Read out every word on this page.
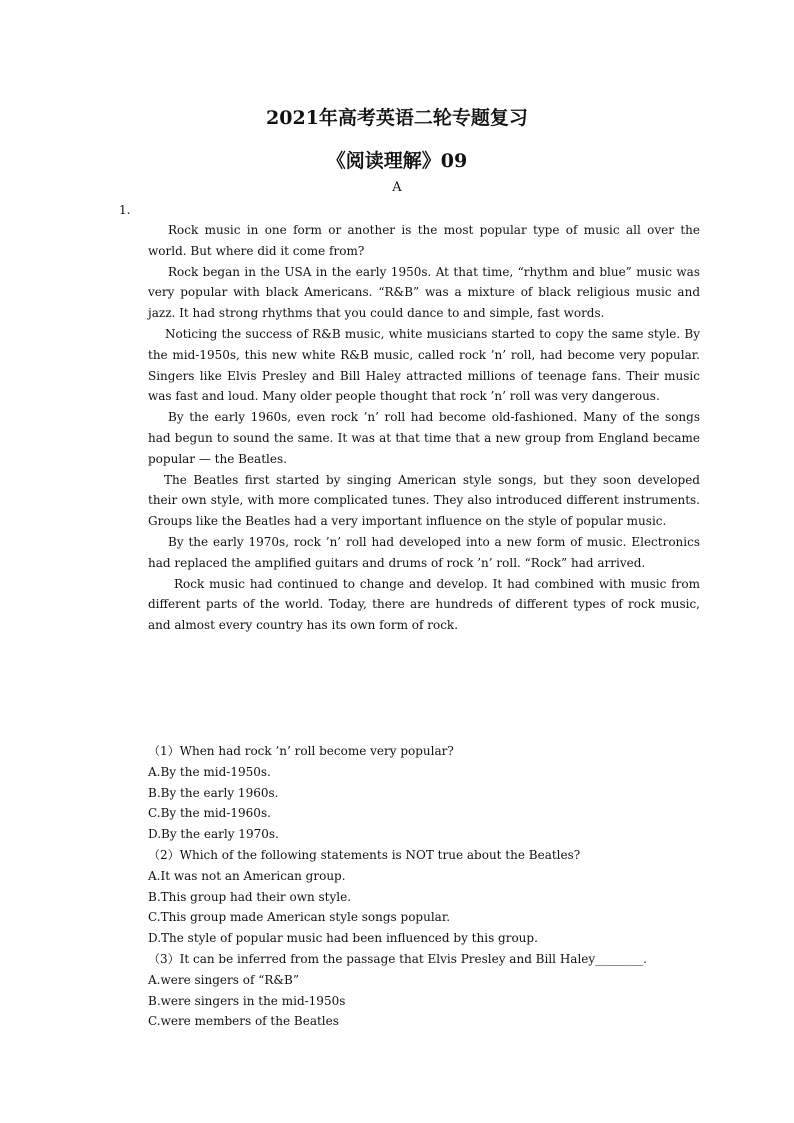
2021年高考英语二轮专题复习
《阅读理解》09
A
1.

Rock music in one form or another is the most popular type of music all over the world. But where did it come from?

Rock began in the USA in the early 1950s. At that time, “rhythm and blue” music was very popular with black Americans. “R&B” was a mixture of black religious music and jazz. It had strong rhythms that you could dance to and simple, fast words.

Noticing the success of R&B music, white musicians started to copy the same style. By the mid-1950s, this new white R&B music, called rock ’n’ roll, had become very popular. Singers like Elvis Presley and Bill Haley attracted millions of teenage fans. Their music was fast and loud. Many older people thought that rock ’n’ roll was very dangerous.

By the early 1960s, even rock ’n’ roll had become old-fashioned. Many of the songs had begun to sound the same. It was at that time that a new group from England became popular — the Beatles.

The Beatles first started by singing American style songs, but they soon developed their own style, with more complicated tunes. They also introduced different instruments. Groups like the Beatles had a very important influence on the style of popular music.

By the early 1970s, rock ’n’ roll had developed into a new form of music. Electronics had replaced the amplified guitars and drums of rock ’n’ roll. “Rock” had arrived.

Rock music had continued to change and develop. It had combined with music from different parts of the world. Today, there are hundreds of different types of rock music, and almost every country has its own form of rock.

（1）When had rock ’n’ roll become very popular?
A.By the mid-1950s.
B.By the early 1960s.
C.By the mid-1960s.
D.By the early 1970s.
（2）Which of the following statements is NOT true about the Beatles?
A.It was not an American group.
B.This group had their own style.
C.This group made American style songs popular.
D.The style of popular music had been influenced by this group.
（3）It can be inferred from the passage that Elvis Presley and Bill Haley________.
A.were singers of “R&B”
B.were singers in the mid-1950s
C.were members of the Beatles
